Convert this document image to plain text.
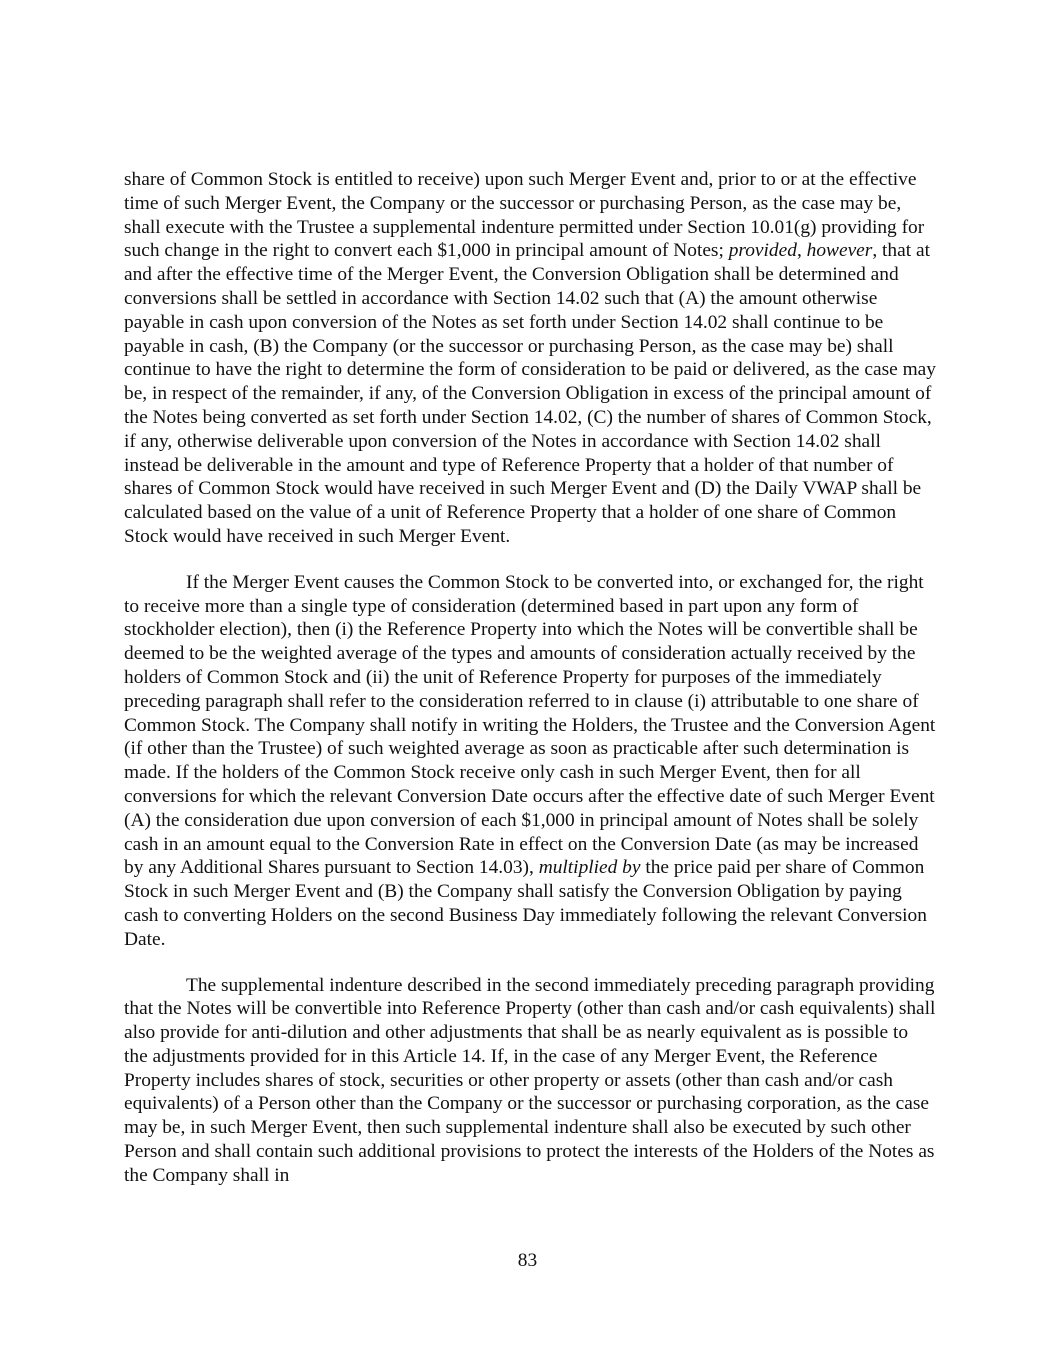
share of Common Stock is entitled to receive) upon such Merger Event and, prior to or at the effective time of such Merger Event, the Company or the successor or purchasing Person, as the case may be, shall execute with the Trustee a supplemental indenture permitted under Section 10.01(g) providing for such change in the right to convert each $1,000 in principal amount of Notes; provided, however, that at and after the effective time of the Merger Event, the Conversion Obligation shall be determined and conversions shall be settled in accordance with Section 14.02 such that (A) the amount otherwise payable in cash upon conversion of the Notes as set forth under Section 14.02 shall continue to be payable in cash, (B) the Company (or the successor or purchasing Person, as the case may be) shall continue to have the right to determine the form of consideration to be paid or delivered, as the case may be, in respect of the remainder, if any, of the Conversion Obligation in excess of the principal amount of the Notes being converted as set forth under Section 14.02, (C) the number of shares of Common Stock, if any, otherwise deliverable upon conversion of the Notes in accordance with Section 14.02 shall instead be deliverable in the amount and type of Reference Property that a holder of that number of shares of Common Stock would have received in such Merger Event and (D) the Daily VWAP shall be calculated based on the value of a unit of Reference Property that a holder of one share of Common Stock would have received in such Merger Event.

If the Merger Event causes the Common Stock to be converted into, or exchanged for, the right to receive more than a single type of consideration (determined based in part upon any form of stockholder election), then (i) the Reference Property into which the Notes will be convertible shall be deemed to be the weighted average of the types and amounts of consideration actually received by the holders of Common Stock and (ii) the unit of Reference Property for purposes of the immediately preceding paragraph shall refer to the consideration referred to in clause (i) attributable to one share of Common Stock. The Company shall notify in writing the Holders, the Trustee and the Conversion Agent (if other than the Trustee) of such weighted average as soon as practicable after such determination is made. If the holders of the Common Stock receive only cash in such Merger Event, then for all conversions for which the relevant Conversion Date occurs after the effective date of such Merger Event (A) the consideration due upon conversion of each $1,000 in principal amount of Notes shall be solely cash in an amount equal to the Conversion Rate in effect on the Conversion Date (as may be increased by any Additional Shares pursuant to Section 14.03), multiplied by the price paid per share of Common Stock in such Merger Event and (B) the Company shall satisfy the Conversion Obligation by paying cash to converting Holders on the second Business Day immediately following the relevant Conversion Date.

The supplemental indenture described in the second immediately preceding paragraph providing that the Notes will be convertible into Reference Property (other than cash and/or cash equivalents) shall also provide for anti-dilution and other adjustments that shall be as nearly equivalent as is possible to the adjustments provided for in this Article 14. If, in the case of any Merger Event, the Reference Property includes shares of stock, securities or other property or assets (other than cash and/or cash equivalents) of a Person other than the Company or the successor or purchasing corporation, as the case may be, in such Merger Event, then such supplemental indenture shall also be executed by such other Person and shall contain such additional provisions to protect the interests of the Holders of the Notes as the Company shall in

83
